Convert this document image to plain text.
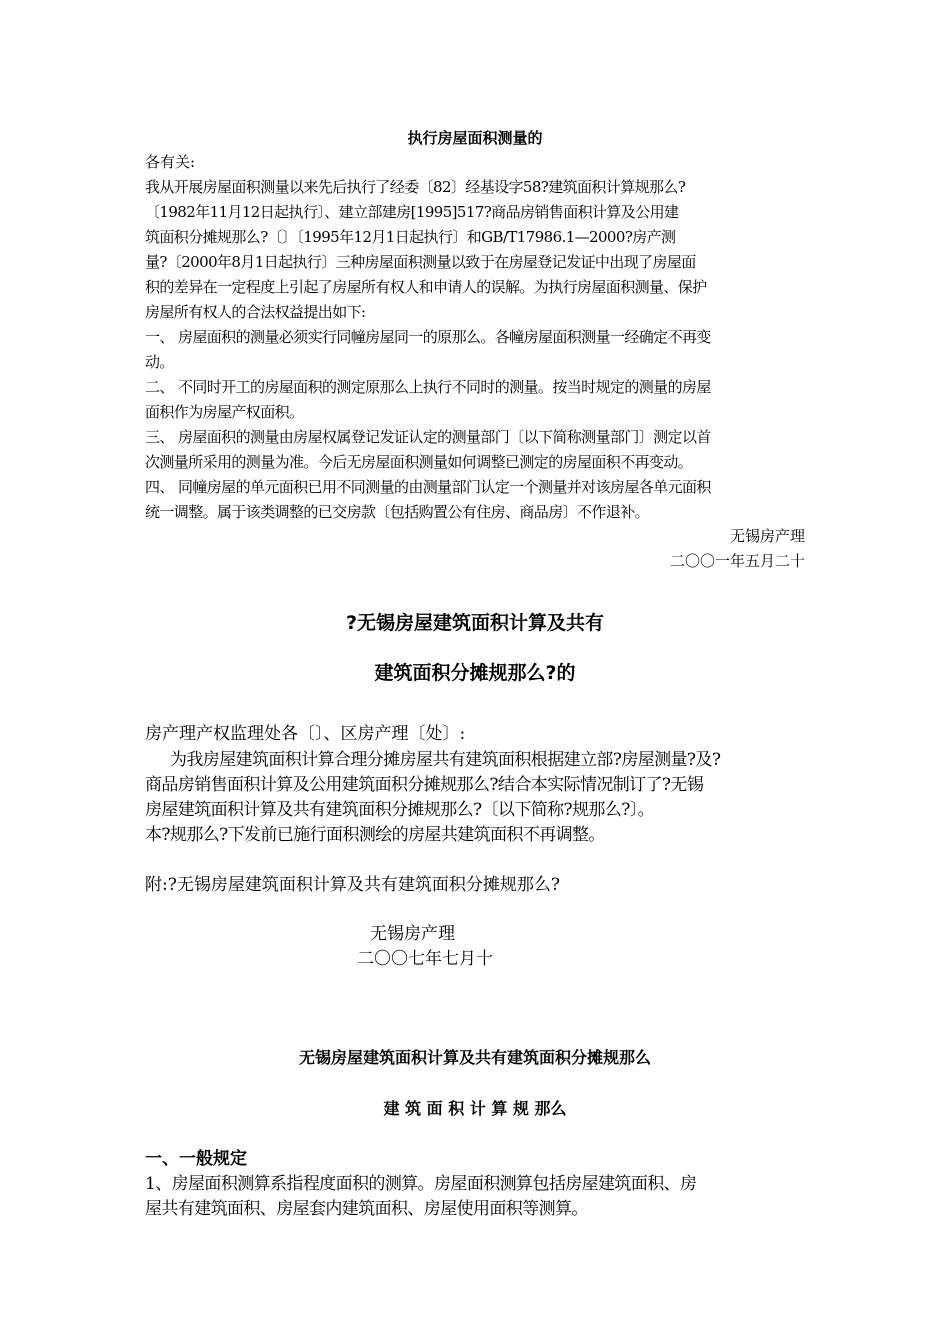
执行房屋面积测量的
各有关:
我从开展房屋面积测量以来先后执行了经委〔82〕经基设字58?建筑面积计算规那么?
〔1982年11月12日起执行〕、建立部建房[1995]517?商品房销售面积计算及公用建
筑面积分摊规那么?〔〕〔1995年12月1日起执行〕和GB/T17986.1—2000?房产测
量?〔2000年8月1日起执行〕三种房屋面积测量以致于在房屋登记发证中出现了房屋面
积的差异在一定程度上引起了房屋所有权人和申请人的误解。为执行房屋面积测量、保护
房屋所有权人的合法权益提出如下:
一、 房屋面积的测量必须实行同幢房屋同一的原那么。各幢房屋面积测量一经确定不再变
动。
二、 不同时开工的房屋面积的测定原那么上执行不同时的测量。按当时规定的测量的房屋
面积作为房屋产权面积。
三、 房屋面积的测量由房屋权属登记发证认定的测量部门〔以下简称测量部门〕测定以首
次测量所采用的测量为准。今后无房屋面积测量如何调整已测定的房屋面积不再变动。
四、 同幢房屋的单元面积已用不同测量的由测量部门认定一个测量并对该房屋各单元面积
统一调整。属于该类调整的已交房款〔包括购置公有住房、商品房〕不作退补。
无锡房产理
二〇〇一年五月二十
?无锡房屋建筑面积计算及共有
建筑面积分摊规那么?的
房产理产权监理处各〔〕、区房产理〔处〕:
为我房屋建筑面积计算合理分摊房屋共有建筑面积根据建立部?房屋测量?及?
商品房销售面积计算及公用建筑面积分摊规那么?结合本实际情况制订了?无锡
房屋建筑面积计算及共有建筑面积分摊规那么?〔以下简称?规那么?〕。
本?规那么?下发前已施行面积测绘的房屋共建筑面积不再调整。
附:?无锡房屋建筑面积计算及共有建筑面积分摊规那么?
无锡房产理
二〇〇七年七月十
无锡房屋建筑面积计算及共有建筑面积分摊规那么
建 筑 面 积 计 算 规 那么
一、一般规定
1、房屋面积测算系指程度面积的测算。房屋面积测算包括房屋建筑面积、房
屋共有建筑面积、房屋套内建筑面积、房屋使用面积等测算。
